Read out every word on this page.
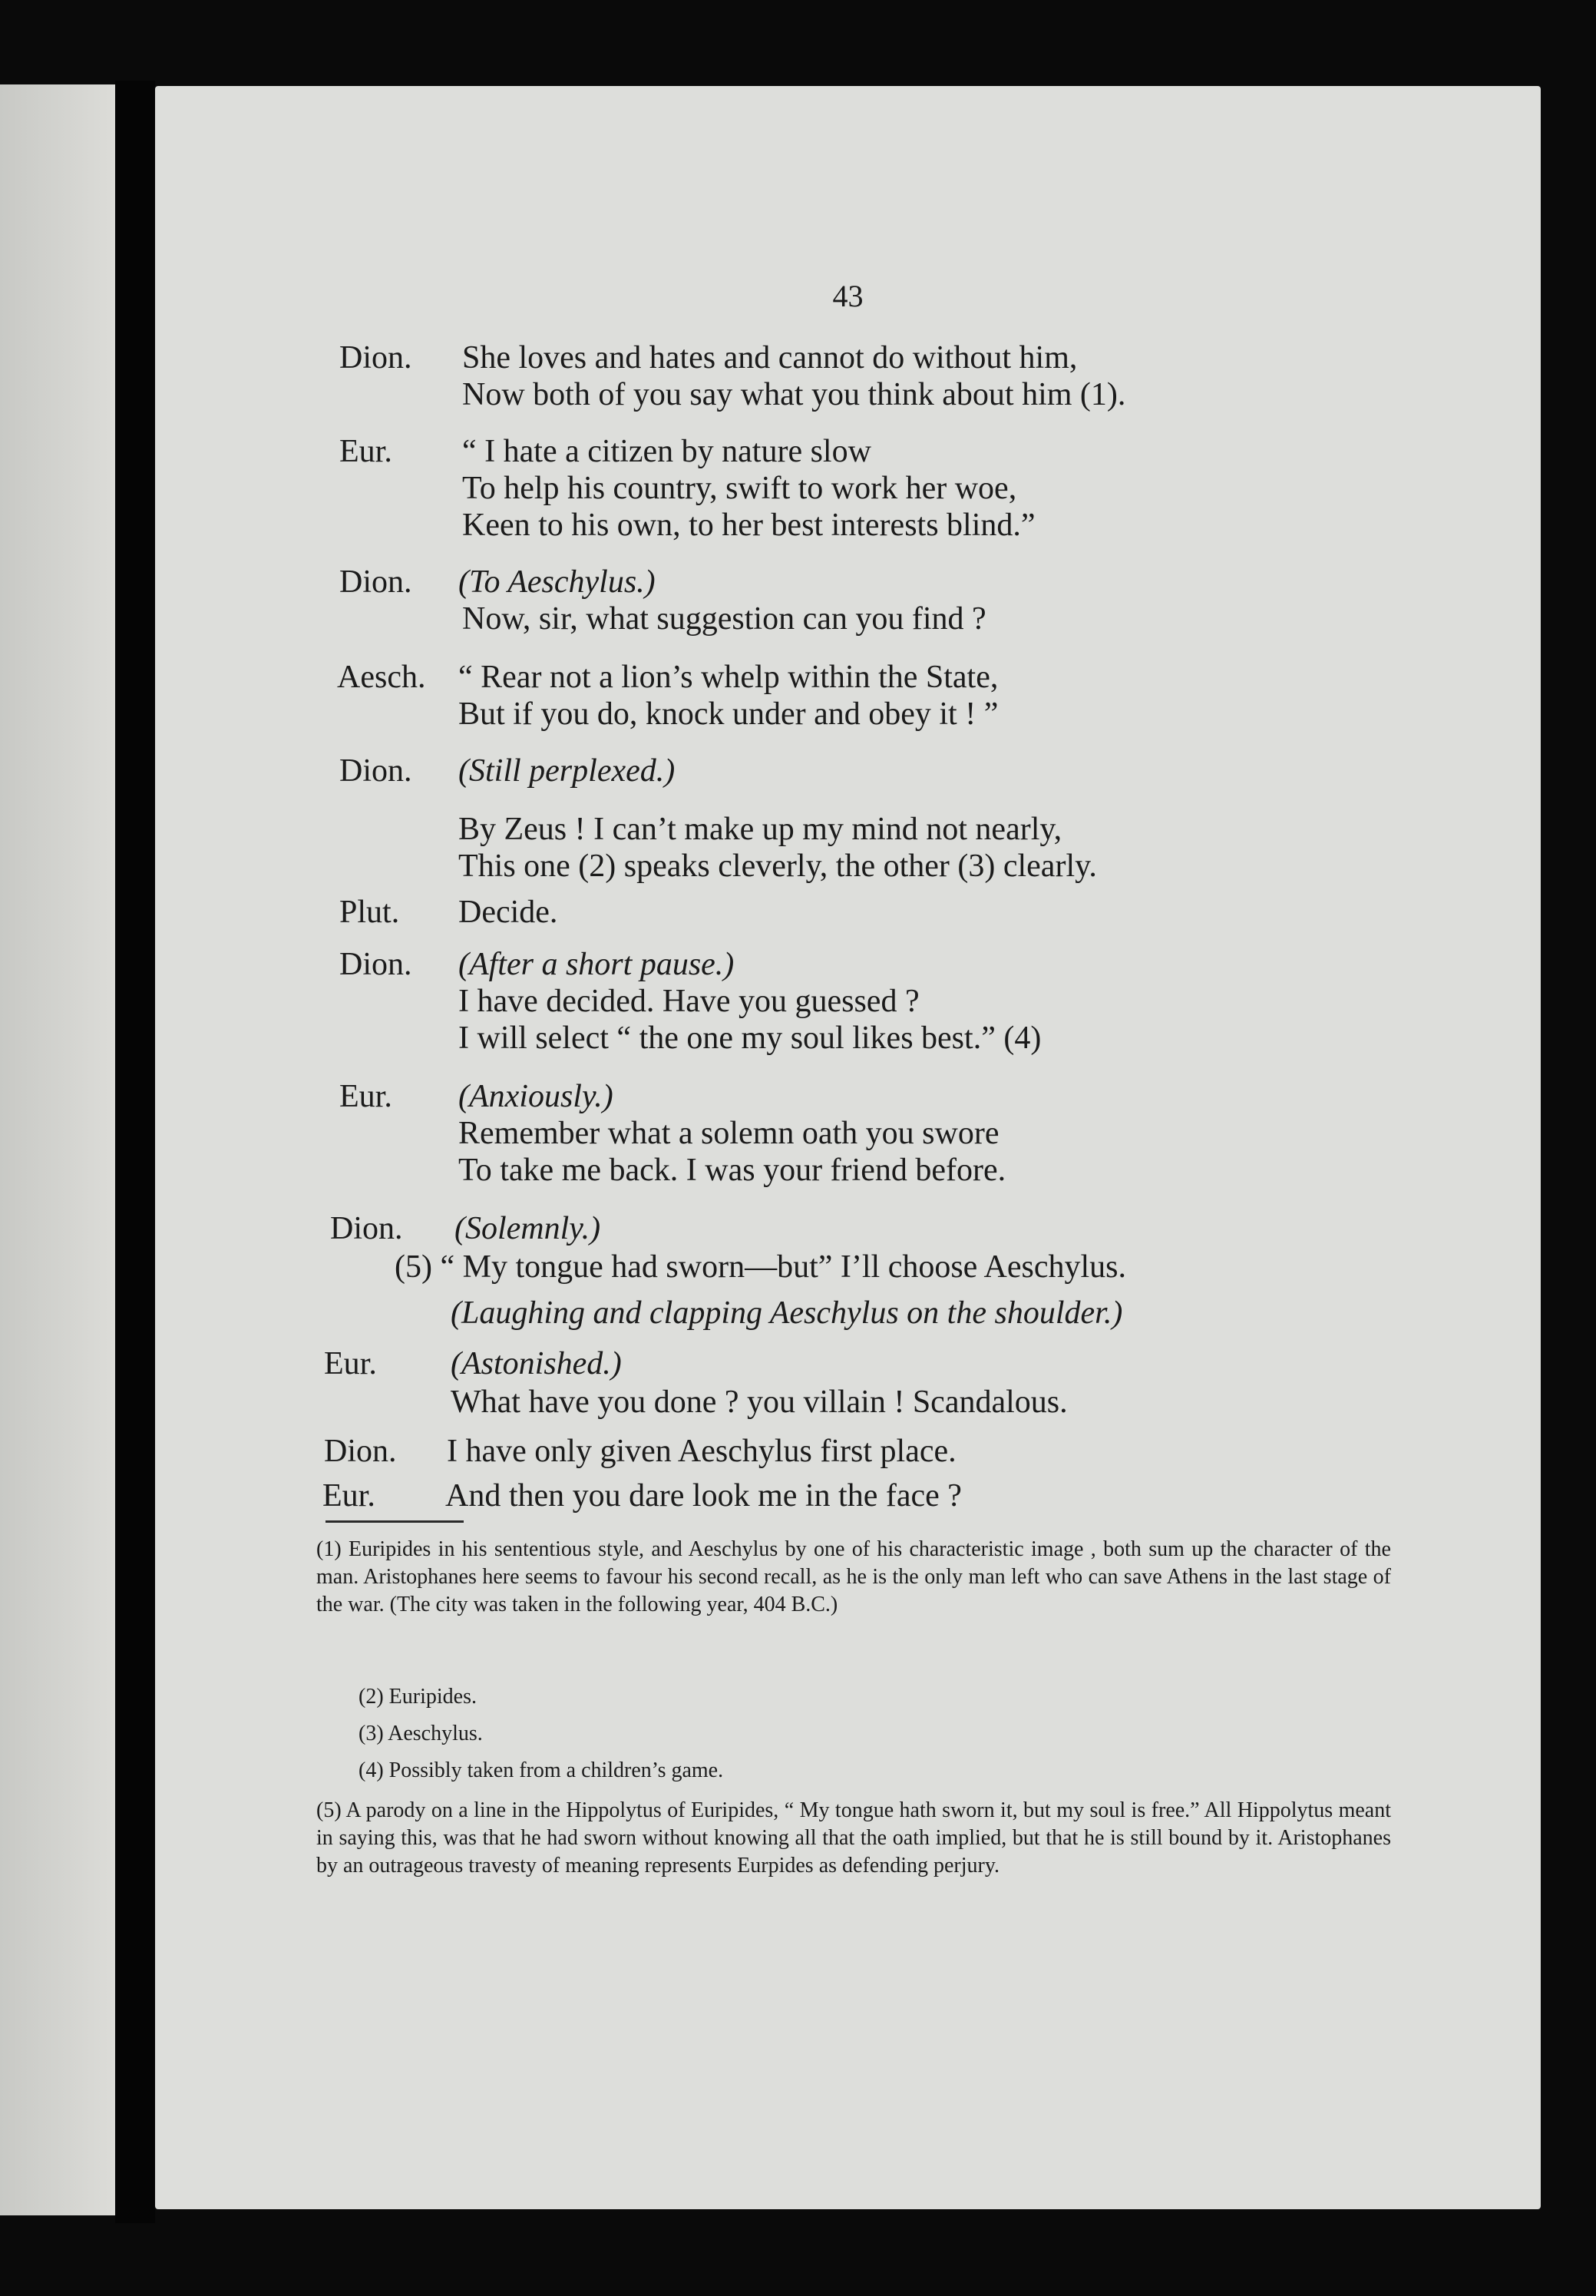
43
Dion. She loves and hates and cannot do without him,
Now both of you say what you think about him (1).
Eur. “ I hate a citizen by nature slow
To help his country, swift to work her woe,
Keen to his own, to her best interests blind.”
Dion. (To Aeschylus.)
Now, sir, what suggestion can you find ?
Aesch. “ Rear not a lion’s whelp within the State,
But if you do, knock under and obey it ! ”
Dion. (Still perplexed.)
By Zeus ! I can’t make up my mind not nearly,
This one (2) speaks cleverly, the other (3) clearly.
Plut. Decide.
Dion. (After a short pause.)
I have decided. Have you guessed ?
I will select “ the one my soul likes best.” (4)
Eur. (Anxiously.)
Remember what a solemn oath you swore
To take me back. I was your friend before.
Dion. (Solemnly.)
(5) “ My tongue had sworn—but” I’ll choose Aeschylus.
(Laughing and clapping Aeschylus on the shoulder.)
Eur. (Astonished.)
What have you done ? you villain ! Scandalous.
Dion. I have only given Aeschylus first place.
Eur. And then you dare look me in the face ?

(1) Euripides in his sententious style, and Aeschylus by one of his characteristic image , both sum up the character of the man. Aristophanes here seems to favour his second recall, as he is the only man left who can save Athens in the last stage of the war. (The city was taken in the following year, 404 B.C.)

(2) Euripides.

(3) Aeschylus.

(4) Possibly taken from a children’s game.

(5) A parody on a line in the Hippolytus of Euripides, “ My tongue hath sworn it, but my soul is free.” All Hippolytus meant in saying this, was that he had sworn without knowing all that the oath implied, but that he is still bound by it. Aristophanes by an outrageous travesty of meaning represents Eurpides as defending perjury.
